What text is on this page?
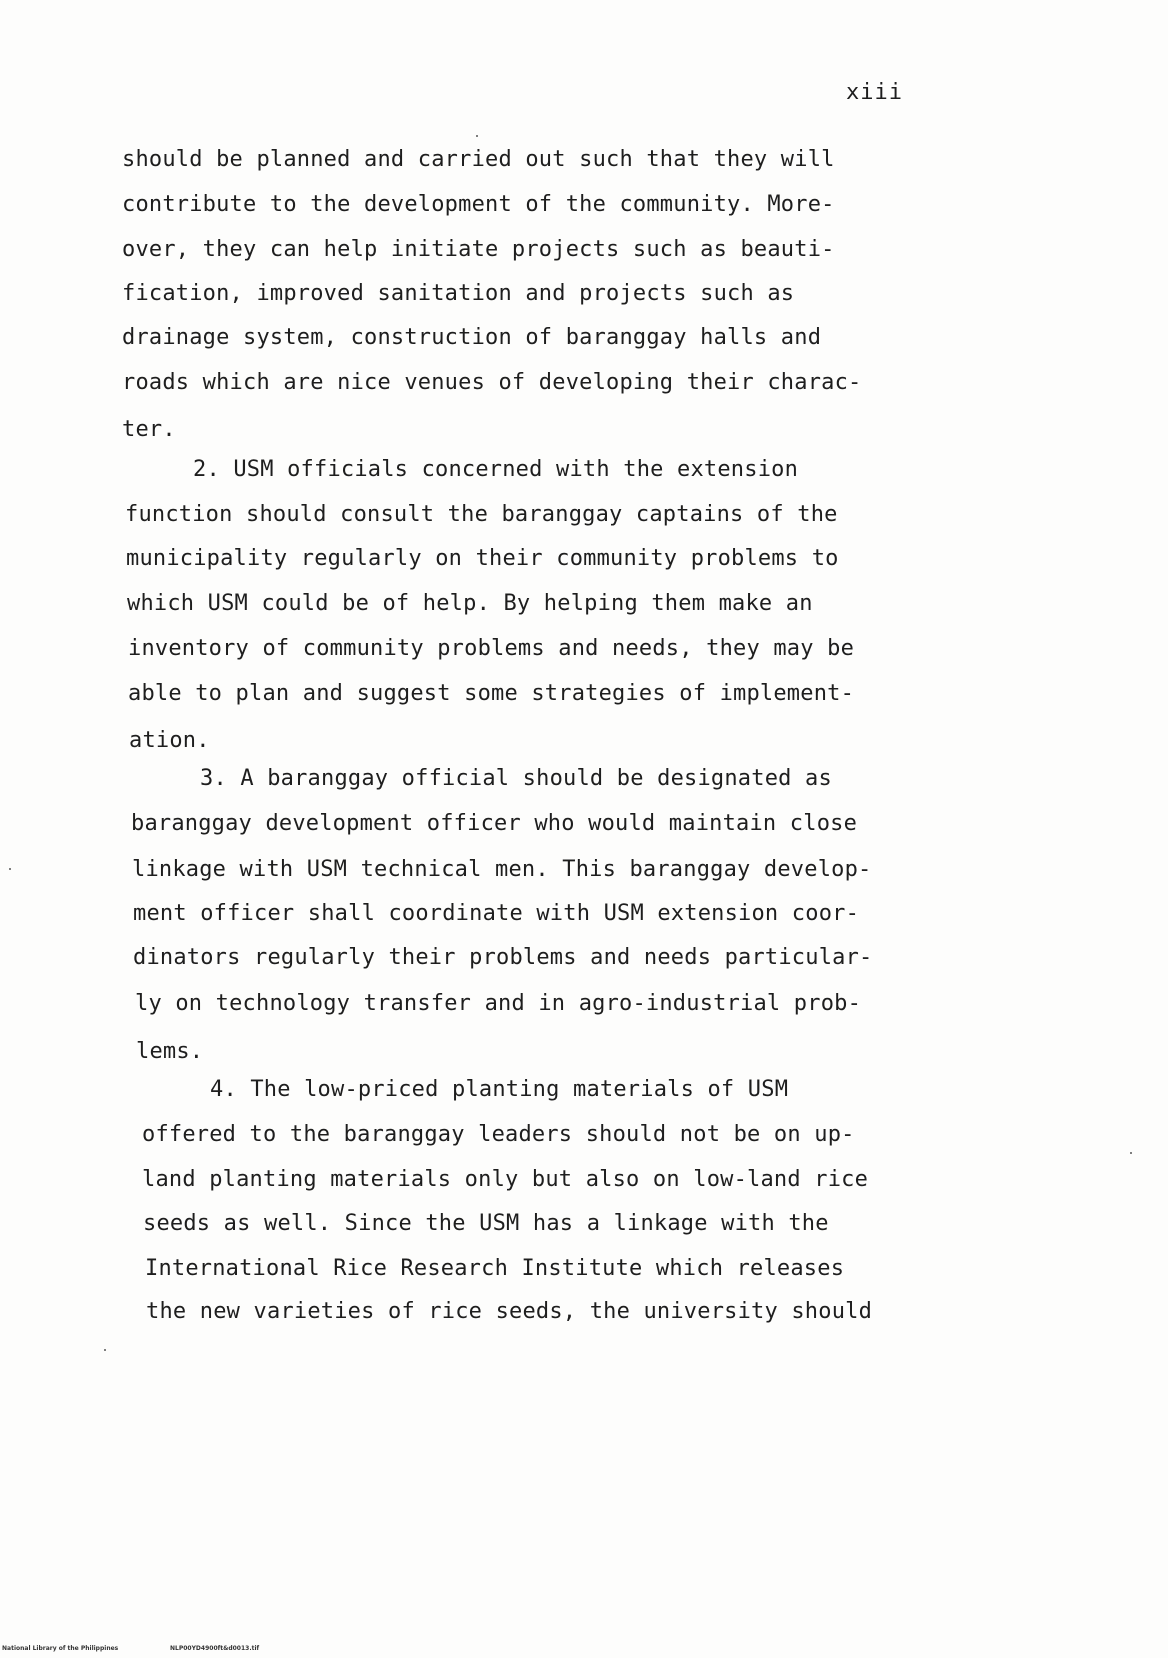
xiii
should be planned and carried out such that they will
contribute to the development of the community. More-
over, they can help initiate projects such as beauti-
fication, improved sanitation and projects such as
drainage system, construction of baranggay halls and
roads which are nice venues of developing their charac-
ter.
2. USM officials concerned with the extension
function should consult the baranggay captains of the
municipality regularly on their community problems to
which USM could be of help. By helping them make an
inventory of community problems and needs, they may be
able to plan and suggest some strategies of implement-
ation.
3. A baranggay official should be designated as
baranggay development officer who would maintain close
linkage with USM technical men. This baranggay develop-
ment officer shall coordinate with USM extension coor-
dinators regularly their problems and needs particular-
ly on technology transfer and in agro-industrial prob-
lems.
4. The low-priced planting materials of USM
offered to the baranggay leaders should not be on up-
land planting materials only but also on low-land rice
seeds as well. Since the USM has a linkage with the
International Rice Research Institute which releases
the new varieties of rice seeds, the university should
National Library of the Philippines	NLP00YD4900ft&d0013.tif
